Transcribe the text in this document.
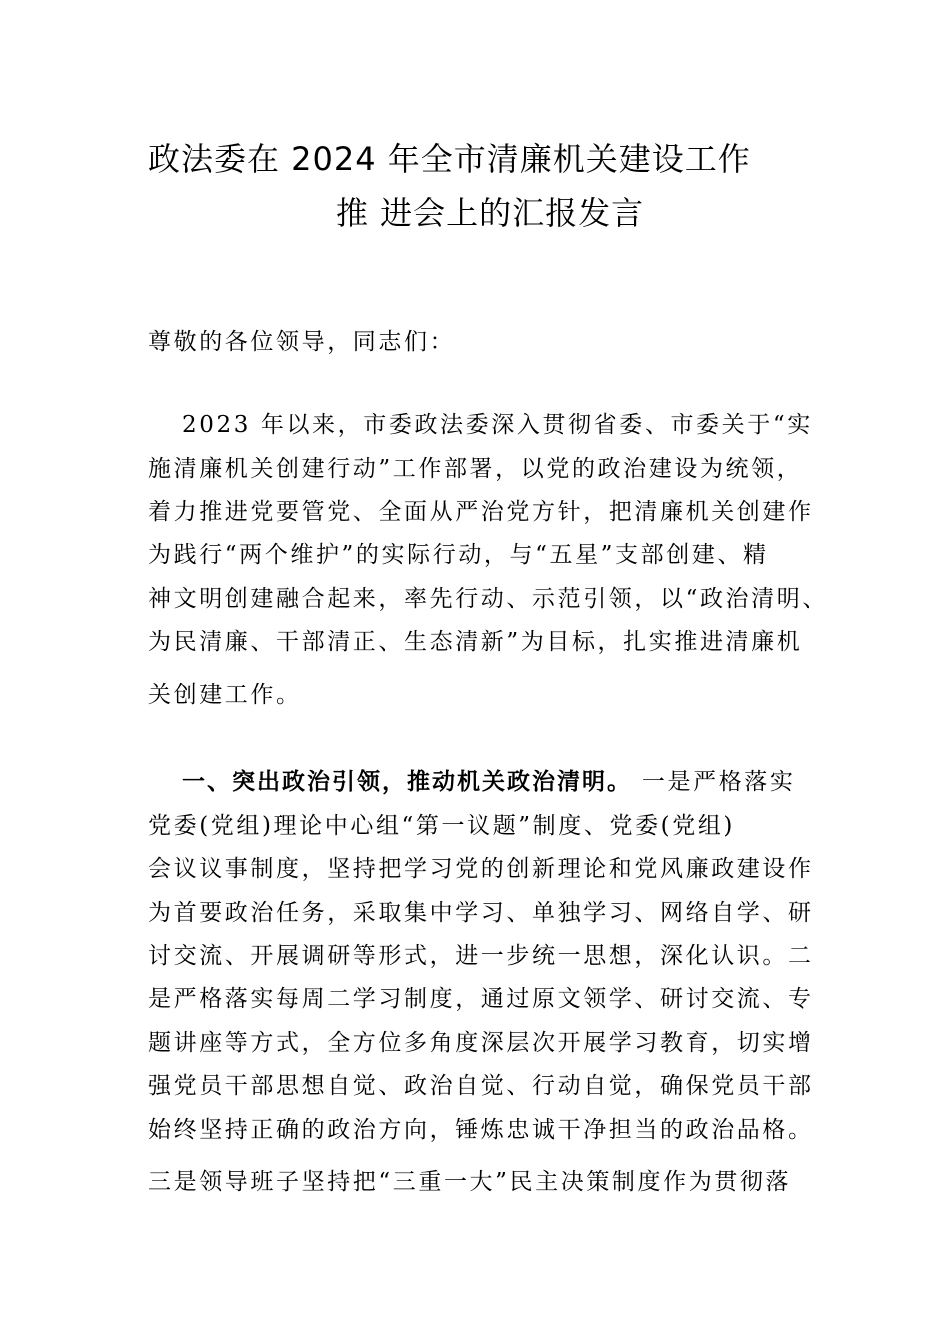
政法委在 2024 年全市清廉机关建设工作
推 进会上的汇报发言
尊敬的各位领导，同志们：
2023 年以来，市委政法委深入贯彻省委、市委关于“实
施清廉机关创建行动”工作部署，以党的政治建设为统领，
着力推进党要管党、全面从严治党方针，把清廉机关创建作
为践行“两个维护”的实际行动，与“五星”支部创建、精
神文明创建融合起来，率先行动、示范引领，以“政治清明、
为民清廉、干部清正、生态清新”为目标，扎实推进清廉机
关创建工作。
一、突出政治引领，推动机关政治清明。 一是严格落实
党委(党组)理论中心组“第一议题”制度、党委(党组)
会议议事制度，坚持把学习党的创新理论和党风廉政建设作
为首要政治任务，采取集中学习、单独学习、网络自学、研
讨交流、开展调研等形式，进一步统一思想，深化认识。二
是严格落实每周二学习制度，通过原文领学、研讨交流、专
题讲座等方式，全方位多角度深层次开展学习教育，切实增
强党员干部思想自觉、政治自觉、行动自觉，确保党员干部
始终坚持正确的政治方向，锤炼忠诚干净担当的政治品格。
三是领导班子坚持把“三重一大”民主决策制度作为贯彻落
